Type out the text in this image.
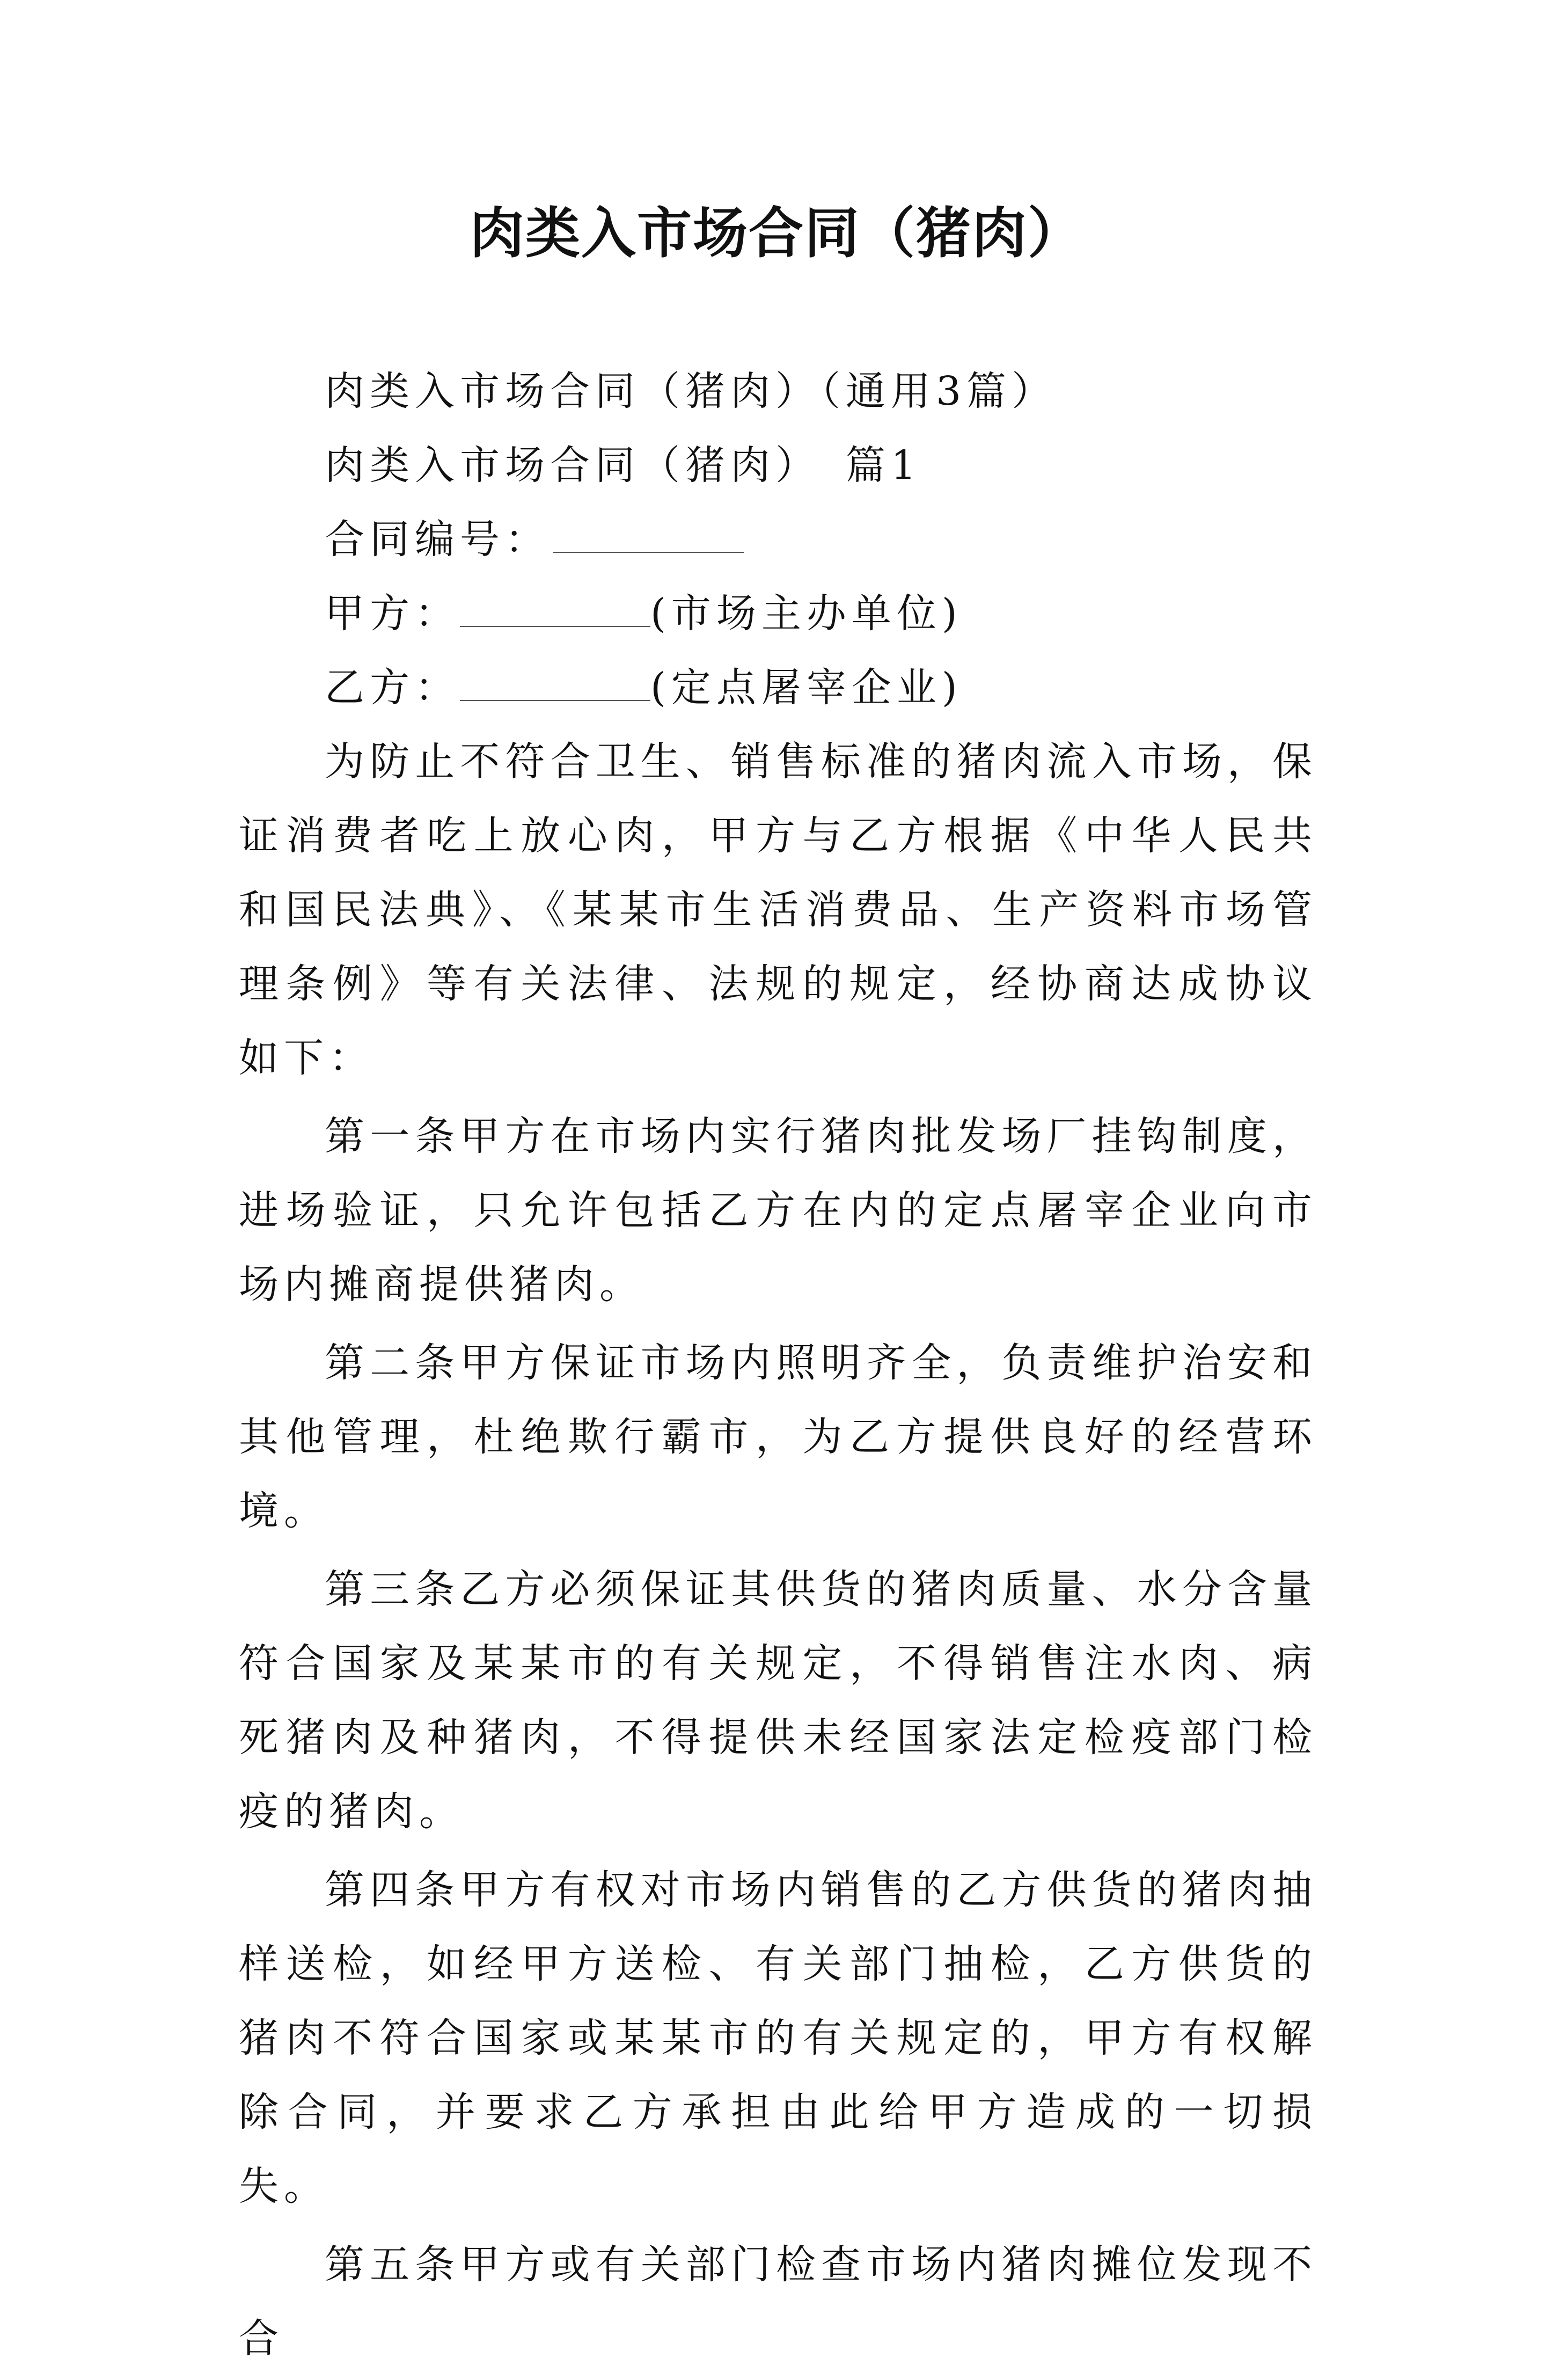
肉类入市场合同（猪肉）
肉类入市场合同（猪肉）（通用3篇）
肉类入市场合同（猪肉）　篇1
合同编号：
甲方：	(市场主办单位)
乙方：	(定点屠宰企业)

为防止不符合卫生、销售标准的猪肉流入市场，保证消费者吃上放心肉，甲方与乙方根据《中华人民共和国民法典》、《某某市生活消费品、生产资料市场管理条例》等有关法律、法规的规定，经协商达成协议如下：

第一条甲方在市场内实行猪肉批发场厂挂钩制度，进场验证，只允许包括乙方在内的定点屠宰企业向市场内摊商提供猪肉。

第二条甲方保证市场内照明齐全，负责维护治安和其他管理，杜绝欺行霸市，为乙方提供良好的经营环境。

第三条乙方必须保证其供货的猪肉质量、水分含量符合国家及某某市的有关规定，不得销售注水肉、病死猪肉及种猪肉，不得提供未经国家法定检疫部门检疫的猪肉。

第四条甲方有权对市场内销售的乙方供货的猪肉抽样送检，如经甲方送检、有关部门抽检，乙方供货的猪肉不符合国家或某某市的有关规定的，甲方有权解除合同，并要求乙方承担由此给甲方造成的一切损失。

第五条甲方或有关部门检查市场内猪肉摊位发现不合
